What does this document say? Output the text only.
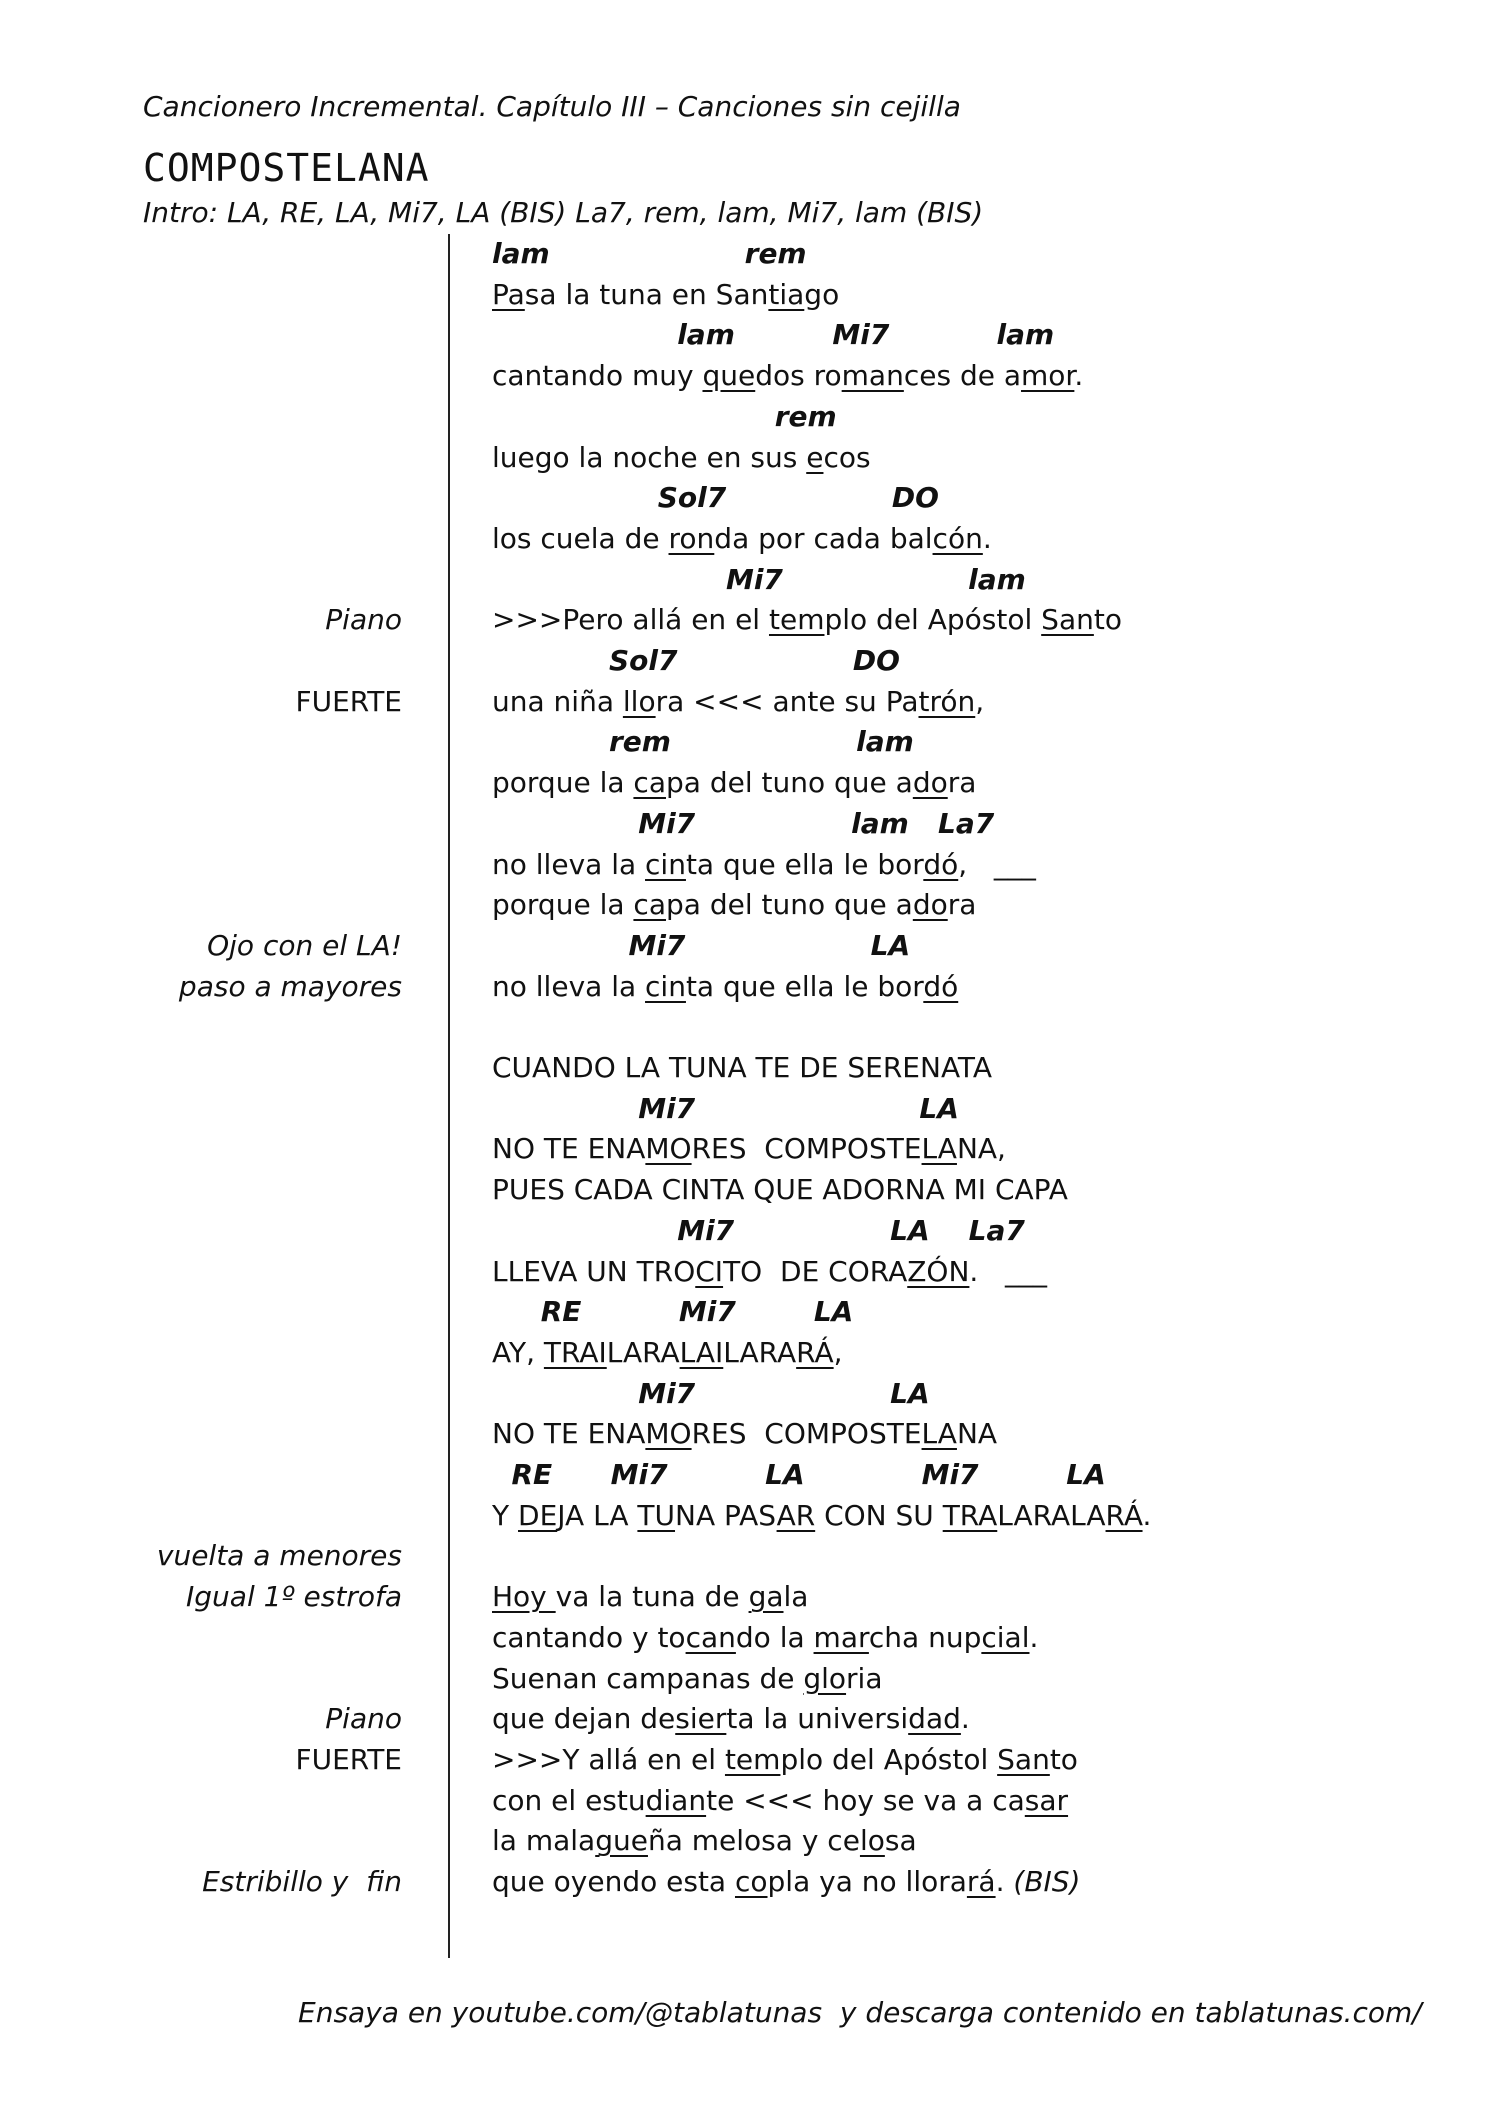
Cancionero Incremental. Capítulo III – Canciones sin cejilla
COMPOSTELANA
Intro: LA, RE, LA, Mi7, LA (BIS) La7, rem, lam, Mi7, lam (BIS)
Piano
FUERTE
Ojo con el LA!
paso a mayores
vuelta a menores
Igual 1º estrofa
Piano
FUERTE
Estribillo y  fin
lam                    rem
Pasa la tuna en Santiago
lam          Mi7           lam
cantando muy quedos romances de amor.
rem
luego la noche en sus ecos
Sol7                 DO
los cuela de ronda por cada balcón.
Mi7                   lam
>>>Pero allá en el templo del Apóstol Santo
Sol7                  DO
una niña llora <<< ante su Patrón,
rem                   lam
porque la capa del tuno que adora
Mi7                lam   La7
no lleva la cinta que ella le bordó,   ___
porque la capa del tuno que adora
Mi7                   LA
no lleva la cinta que ella le bordó
CUANDO LA TUNA TE DE SERENATA
Mi7                       LA
NO TE ENAMORES  COMPOSTELANA,
PUES CADA CINTA QUE ADORNA MI CAPA
Mi7                LA    La7
LLEVA UN TROCITO  DE CORAZÓN.   ___
RE          Mi7        LA
AY, TRAILARALAILARARÁ,
Mi7                    LA
NO TE ENAMORES  COMPOSTELANA
RE      Mi7          LA            Mi7         LA
Y DEJA LA TUNA PASAR CON SU TRALARALARÁ.
Hoy va la tuna de gala
cantando y tocando la marcha nupcial.
Suenan campanas de gloria
que dejan desierta la universidad.
>>>Y allá en el templo del Apóstol Santo
con el estudiante <<< hoy se va a casar
la malagueña melosa y celosa
que oyendo esta copla ya no llorará. (BIS)
Ensaya en youtube.com/@tablatunas  y descarga contenido en tablatunas.com/
